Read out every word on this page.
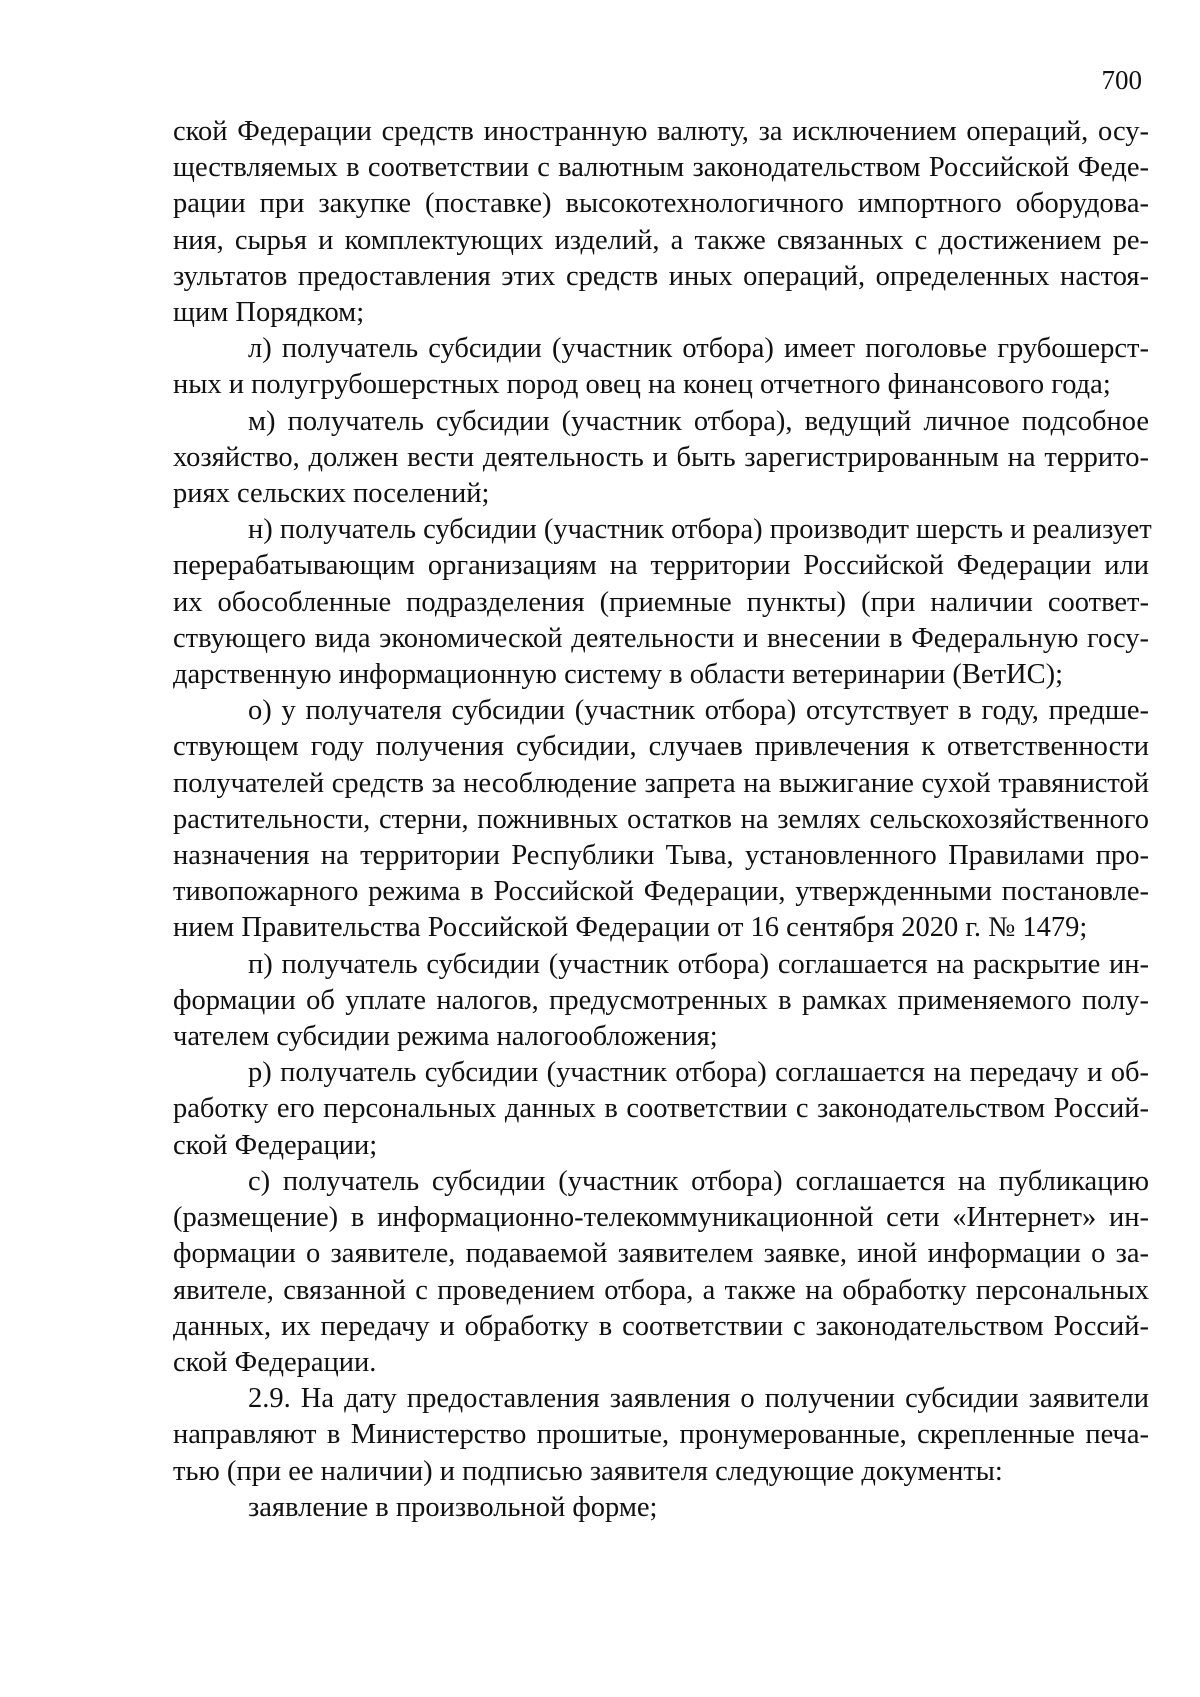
700
ской Федерации средств иностранную валюту, за исключением операций, осу-
ществляемых в соответствии с валютным законодательством Российской Феде-
рации при закупке (поставке) высокотехнологичного импортного оборудова-
ния, сырья и комплектующих изделий, а также связанных с достижением ре-
зультатов предоставления этих средств иных операций, определенных настоя-
щим Порядком;
л) получатель субсидии (участник отбора) имеет поголовье грубошерст-
ных и полугрубошерстных пород овец на конец отчетного финансового года;
м) получатель субсидии (участник отбора), ведущий личное подсобное
хозяйство, должен вести деятельность и быть зарегистрированным на террито-
риях сельских поселений;
н) получатель субсидии (участник отбора) производит шерсть и реализует
перерабатывающим организациям на территории Российской Федерации или
их обособленные подразделения (приемные пункты) (при наличии соответ-
ствующего вида экономической деятельности и внесении в Федеральную госу-
дарственную информационную систему в области ветеринарии (ВетИС);
о) у получателя субсидии (участник отбора) отсутствует в году, предше-
ствующем году получения субсидии, случаев привлечения к ответственности
получателей средств за несоблюдение запрета на выжигание сухой травянистой
растительности, стерни, пожнивных остатков на землях сельскохозяйственного
назначения на территории Республики Тыва, установленного Правилами про-
тивопожарного режима в Российской Федерации, утвержденными постановле-
нием Правительства Российской Федерации от 16 сентября 2020 г. № 1479;
п) получатель субсидии (участник отбора) соглашается на раскрытие ин-
формации об уплате налогов, предусмотренных в рамках применяемого полу-
чателем субсидии режима налогообложения;
р) получатель субсидии (участник отбора) соглашается на передачу и об-
работку его персональных данных в соответствии с законодательством Россий-
ской Федерации;
с) получатель субсидии (участник отбора) соглашается на публикацию
(размещение) в информационно-телекоммуникационной сети «Интернет» ин-
формации о заявителе, подаваемой заявителем заявке, иной информации о за-
явителе, связанной с проведением отбора, а также на обработку персональных
данных, их передачу и обработку в соответствии с законодательством Россий-
ской Федерации.
2.9. На дату предоставления заявления о получении субсидии заявители
направляют в Министерство прошитые, пронумерованные, скрепленные печа-
тью (при ее наличии) и подписью заявителя следующие документы:
заявление в произвольной форме;
